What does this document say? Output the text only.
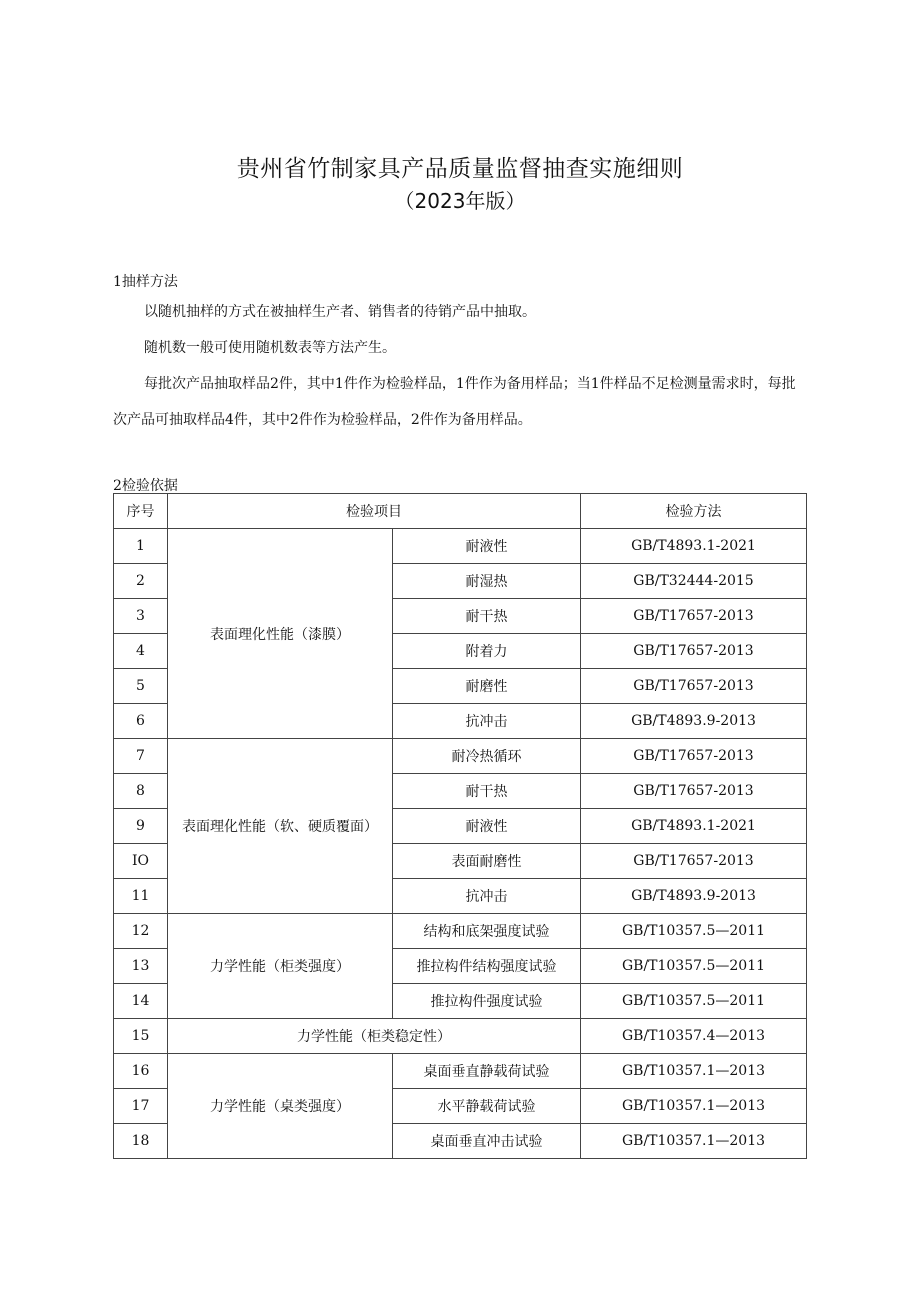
贵州省竹制家具产品质量监督抽查实施细则
（2023年版）
1抽样方法
以随机抽样的方式在被抽样生产者、销售者的待销产品中抽取。
随机数一般可使用随机数表等方法产生。
每批次产品抽取样品2件，其中1件作为检验样品，1件作为备用样品；当1件样品不足检测量需求时，每批次产品可抽取样品4件，其中2件作为检验样品，2件作为备用样品。
2检验依据
序号	检验项目		检验方法
1	表面理化性能（漆膜）	耐液性	GB/T4893.1-2021
2		耐湿热	GB/T32444-2015
3		耐干热	GB/T17657-2013
4		附着力	GB/T17657-2013
5		耐磨性	GB/T17657-2013
6		抗冲击	GB/T4893.9-2013
7	表面理化性能（软、硬质覆面）	耐冷热循环	GB/T17657-2013
8		耐干热	GB/T17657-2013
9		耐液性	GB/T4893.1-2021
IO		表面耐磨性	GB/T17657-2013
11		抗冲击	GB/T4893.9-2013
12	力学性能（柜类强度）	结构和底架强度试验	GB/T10357.5—2011
13		推拉构件结构强度试验	GB/T10357.5—2011
14		推拉构件强度试验	GB/T10357.5—2011
15	力学性能（柜类稳定性）		GB/T10357.4—2013
16	力学性能（桌类强度）	桌面垂直静载荷试验	GB/T10357.1—2013
17		水平静载荷试验	GB/T10357.1—2013
18		桌面垂直冲击试验	GB/T10357.1—2013
